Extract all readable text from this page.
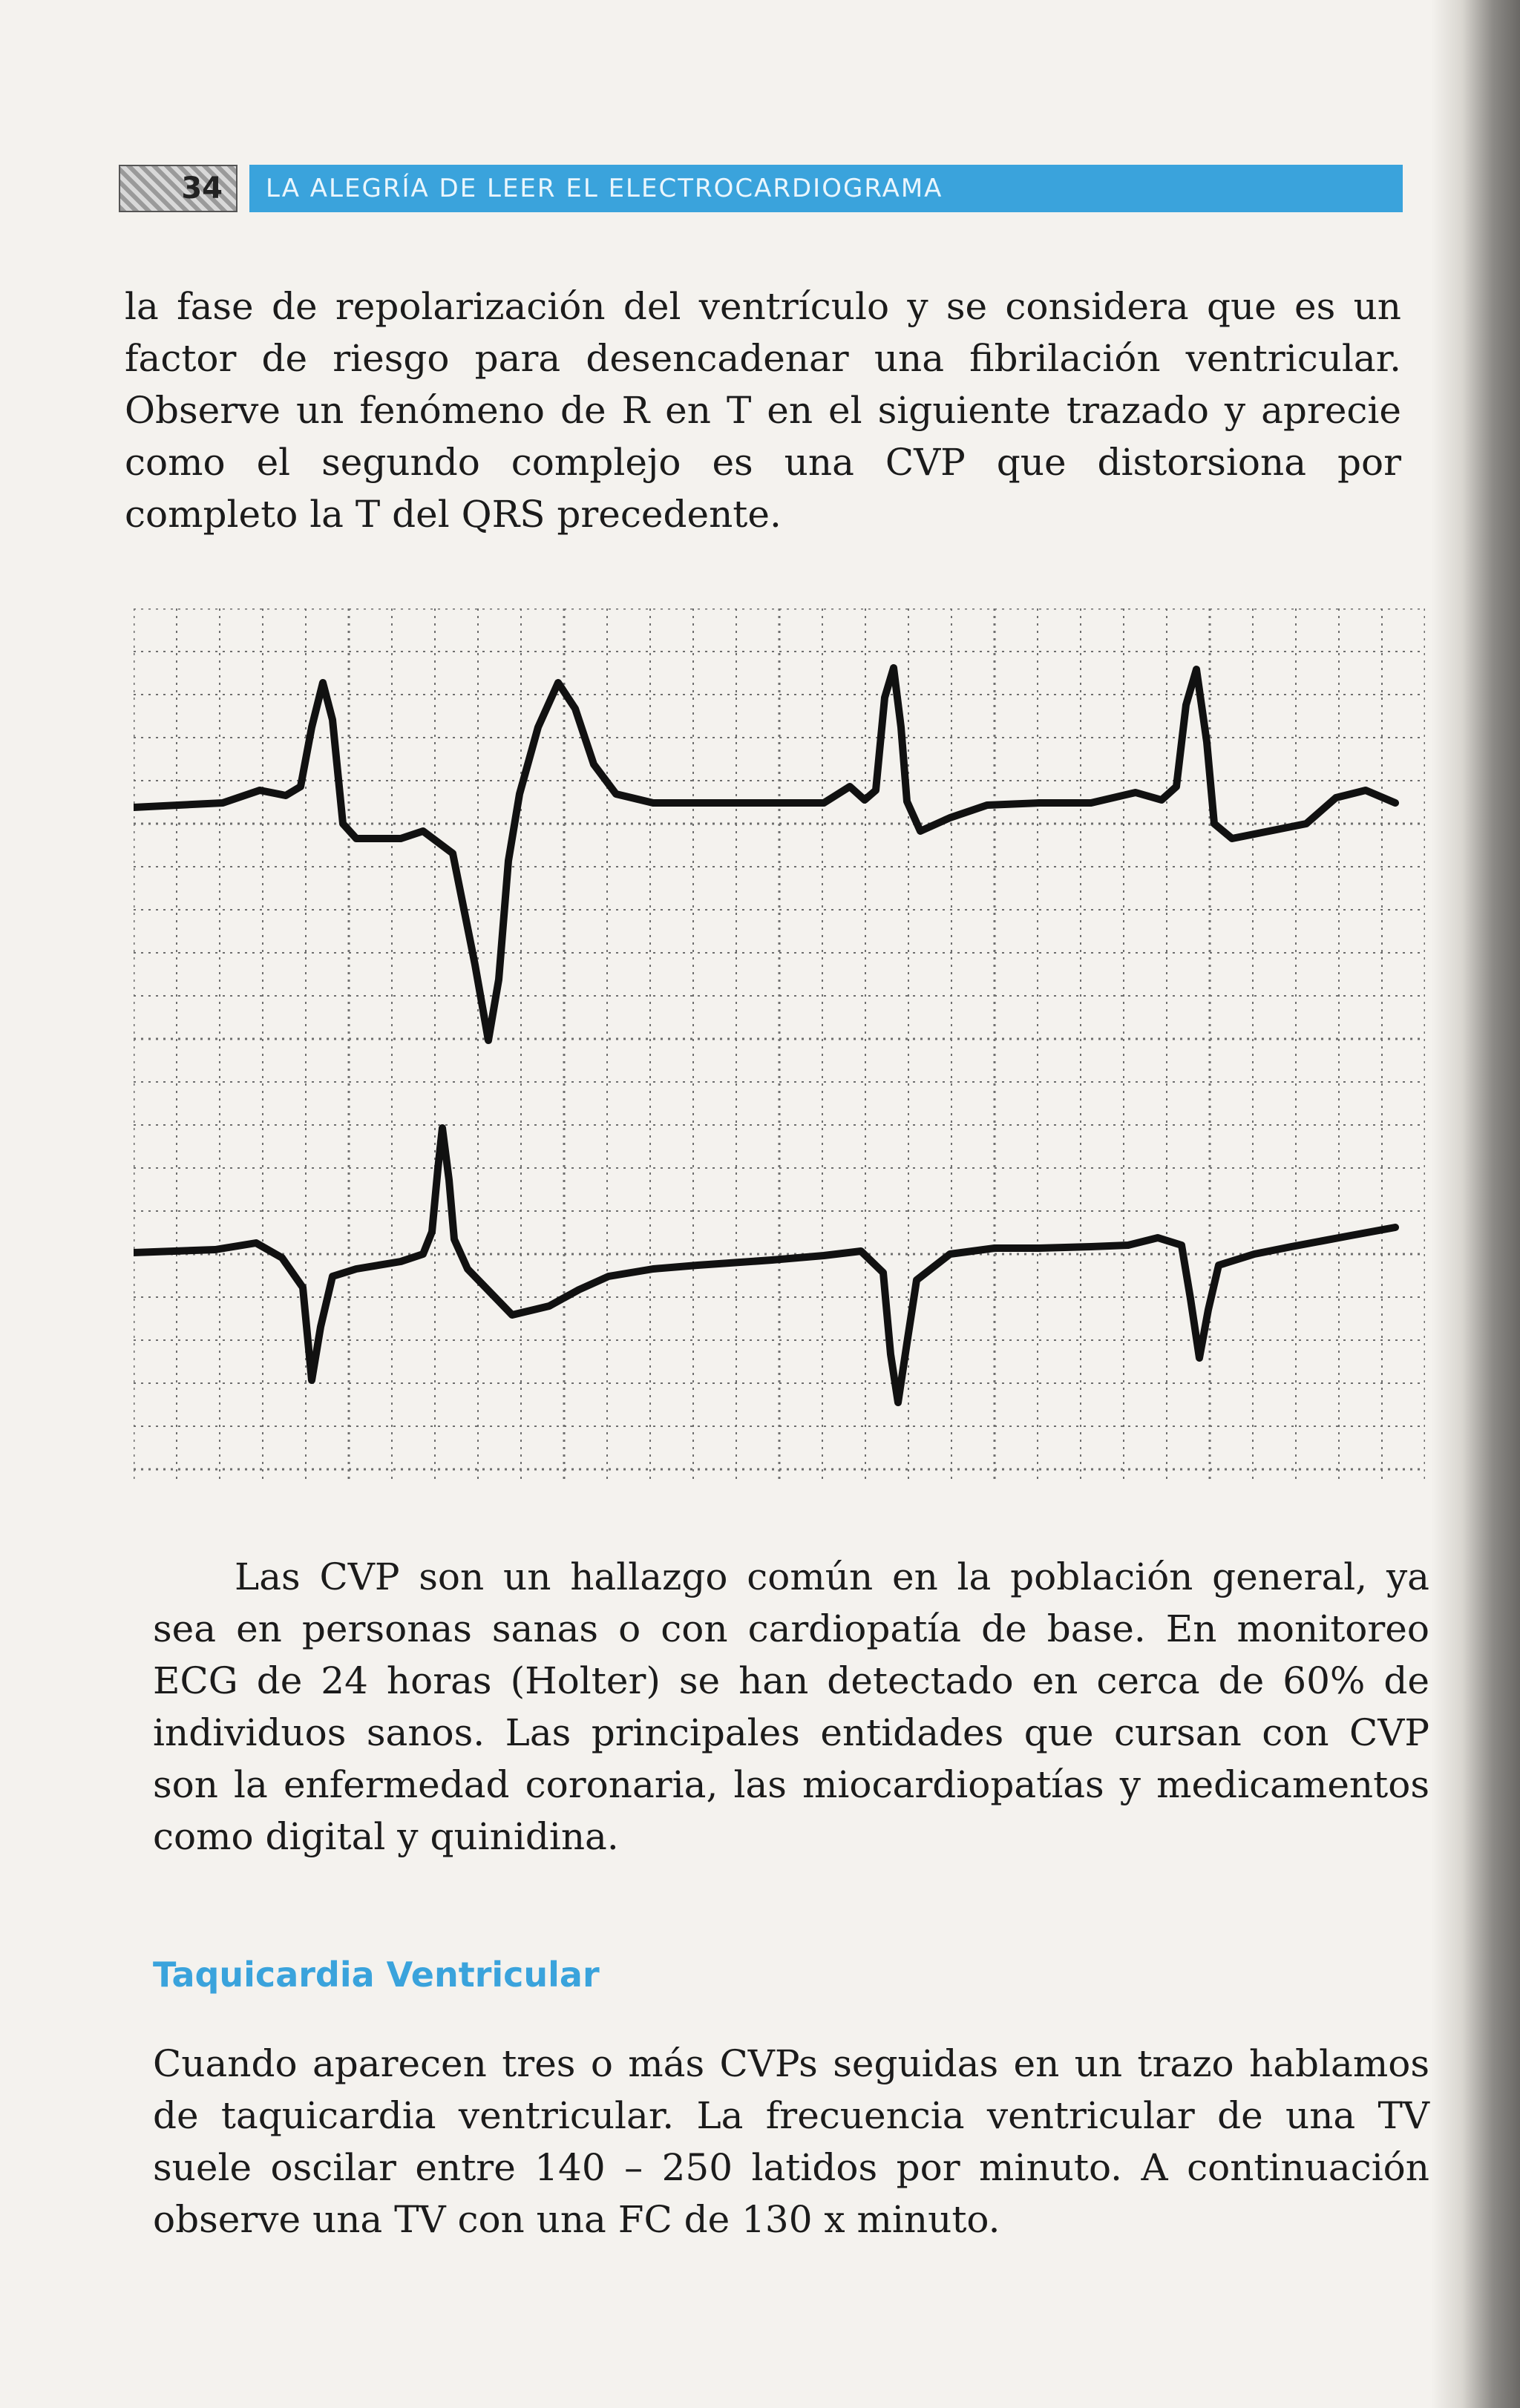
34	LA ALEGRÍA DE LEER EL ELECTROCARDIOGRAMA

la fase de repolarización del ventrículo y se considera que es un factor de riesgo para desencadenar una fibrilación ventricular. Observe un fenómeno de R en T en el siguiente trazado y aprecie como el segundo complejo es una CVP que distorsiona por completo la T del QRS precedente.

Las CVP son un hallazgo común en la población general, ya sea en personas sanas o con cardiopatía de base. En monitoreo ECG de 24 horas (Holter) se han detectado en cerca de 60% de individuos sanos. Las principales entidades que cursan con CVP son la enfermedad coronaria, las miocardiopatías y medicamentos como digital y quinidina.

Taquicardia Ventricular

Cuando aparecen tres o más CVPs seguidas en un trazo hablamos de taquicardia ventricular. La frecuencia ventricular de una TV suele oscilar entre 140 – 250 latidos por minuto. A continuación observe una TV con una FC de 130 x minuto.
